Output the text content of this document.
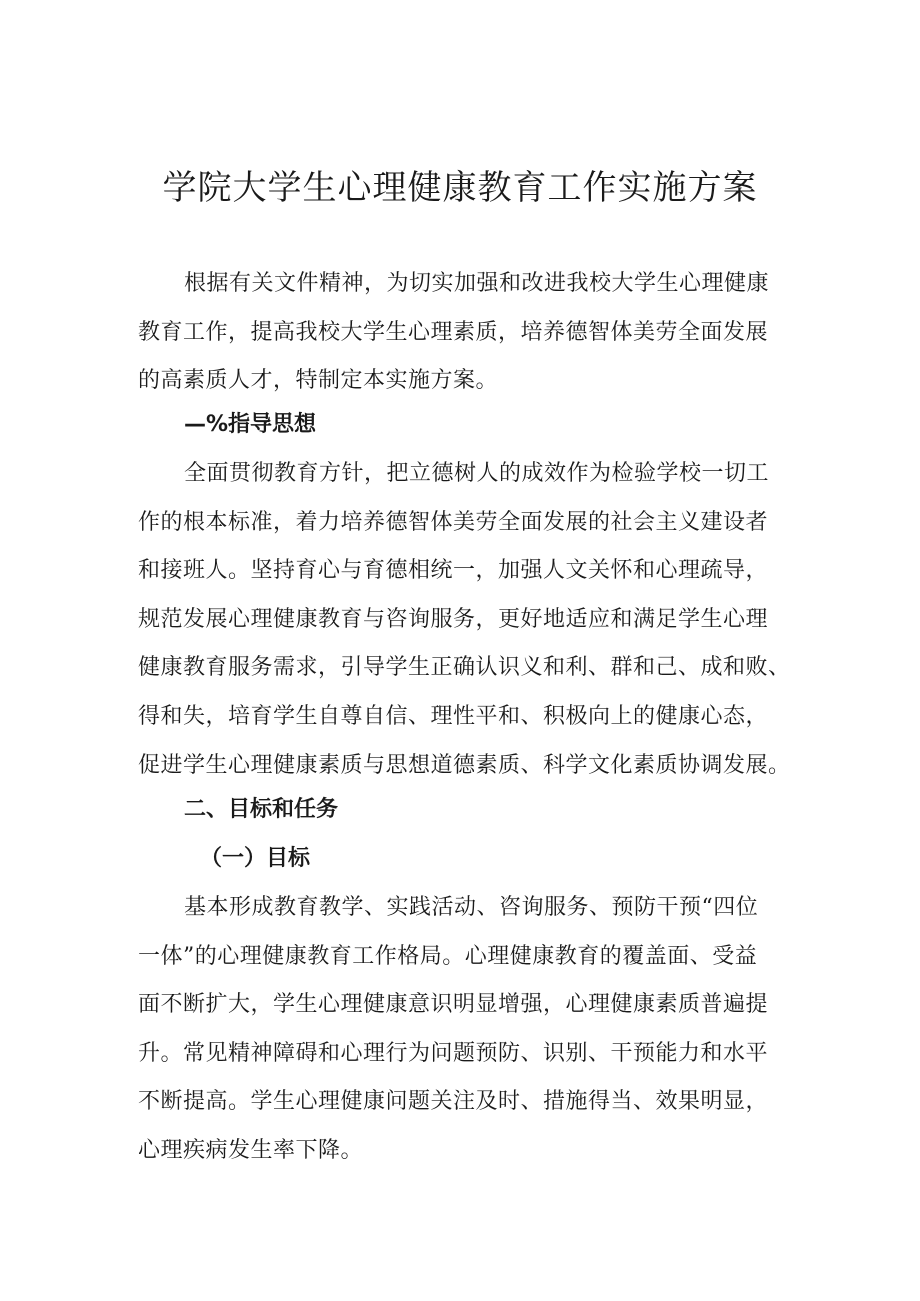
学院大学生心理健康教育工作实施方案

根据有关文件精神，为切实加强和改进我校大学生心理健康
教育工作，提高我校大学生心理素质，培养德智体美劳全面发展
的高素质人才，特制定本实施方案。

—%指导思想

全面贯彻教育方针，把立德树人的成效作为检验学校一切工
作的根本标准，着力培养德智体美劳全面发展的社会主义建设者
和接班人。坚持育心与育德相统一，加强人文关怀和心理疏导，
规范发展心理健康教育与咨询服务，更好地适应和满足学生心理
健康教育服务需求，引导学生正确认识义和利、群和己、成和败、
得和失，培育学生自尊自信、理性平和、积极向上的健康心态，
促进学生心理健康素质与思想道德素质、科学文化素质协调发展。

二、目标和任务
（一）目标

基本形成教育教学、实践活动、咨询服务、预防干预“四位
一体”的心理健康教育工作格局。心理健康教育的覆盖面、受益
面不断扩大，学生心理健康意识明显增强，心理健康素质普遍提
升。常见精神障碍和心理行为问题预防、识别、干预能力和水平
不断提高。学生心理健康问题关注及时、措施得当、效果明显，
心理疾病发生率下降。
